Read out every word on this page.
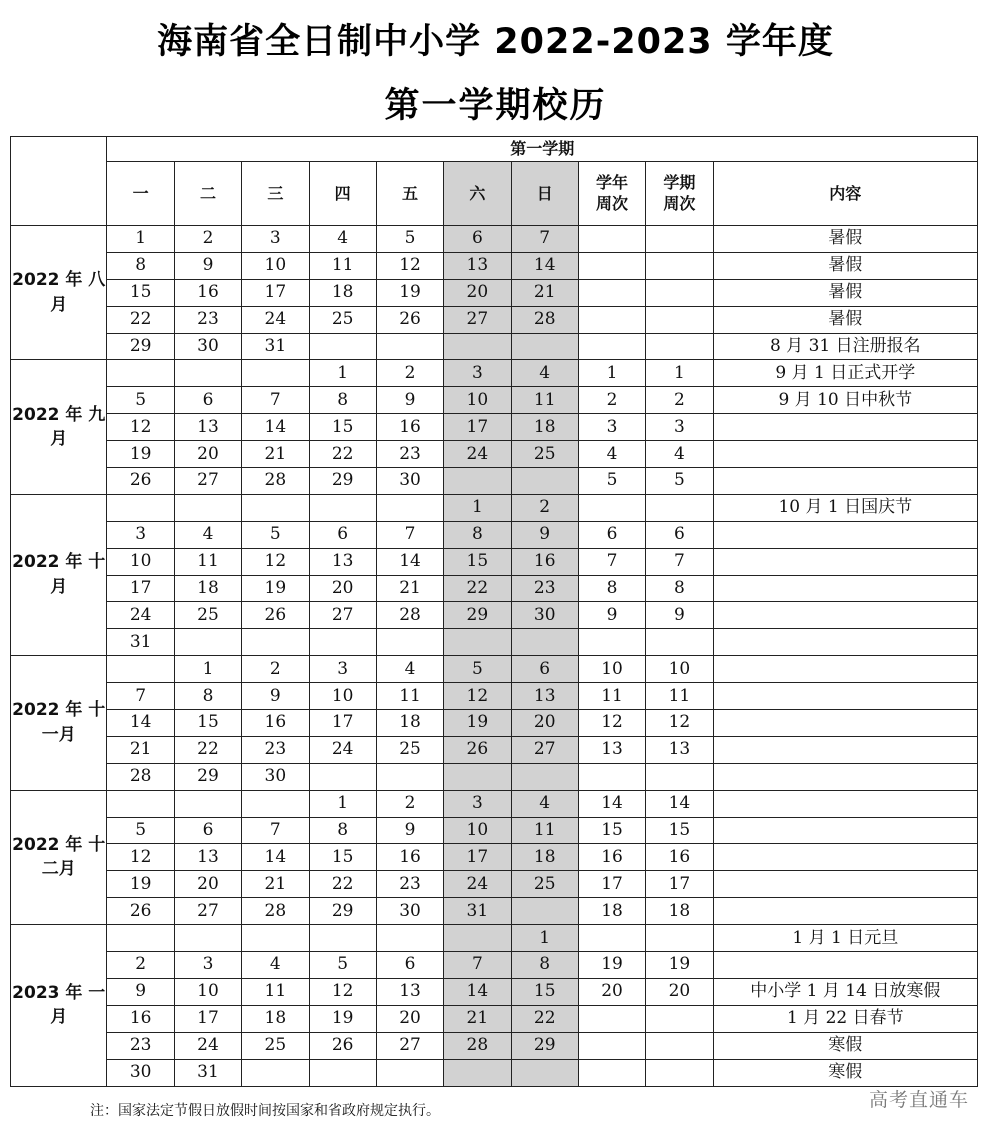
海南省全日制中小学 2022-2023 学年度
第一学期校历
	第一学期									
	一	二	三	四	五	六	日	学年周次	学期周次	内容
2022 年 八月	1	2	3	4	5	6	7			暑假
	8	9	10	11	12	13	14			暑假
	15	16	17	18	19	20	21			暑假
	22	23	24	25	26	27	28			暑假
	29	30	31							8 月 31 日注册报名
2022 年 九月				1	2	3	4	1	1	9 月 1 日正式开学
	5	6	7	8	9	10	11	2	2	9 月 10 日中秋节
	12	13	14	15	16	17	18	3	3	
	19	20	21	22	23	24	25	4	4	
	26	27	28	29	30			5	5	
2022 年 十月						1	2			10 月 1 日国庆节
	3	4	5	6	7	8	9	6	6	
	10	11	12	13	14	15	16	7	7	
	17	18	19	20	21	22	23	8	8	
	24	25	26	27	28	29	30	9	9	
	31									
2022 年 十一月		1	2	3	4	5	6	10	10	
	7	8	9	10	11	12	13	11	11	
	14	15	16	17	18	19	20	12	12	
	21	22	23	24	25	26	27	13	13	
	28	29	30							
2022 年 十二月				1	2	3	4	14	14	
	5	6	7	8	9	10	11	15	15	
	12	13	14	15	16	17	18	16	16	
	19	20	21	22	23	24	25	17	17	
	26	27	28	29	30	31		18	18	
2023 年 一月							1			1 月 1 日元旦
	2	3	4	5	6	7	8	19	19	
	9	10	11	12	13	14	15	20	20	中小学 1 月 14 日放寒假
	16	17	18	19	20	21	22			1 月 22 日春节
	23	24	25	26	27	28	29			寒假
	30	31								寒假
注：国家法定节假日放假时间按国家和省政府规定执行。	高考直通车
